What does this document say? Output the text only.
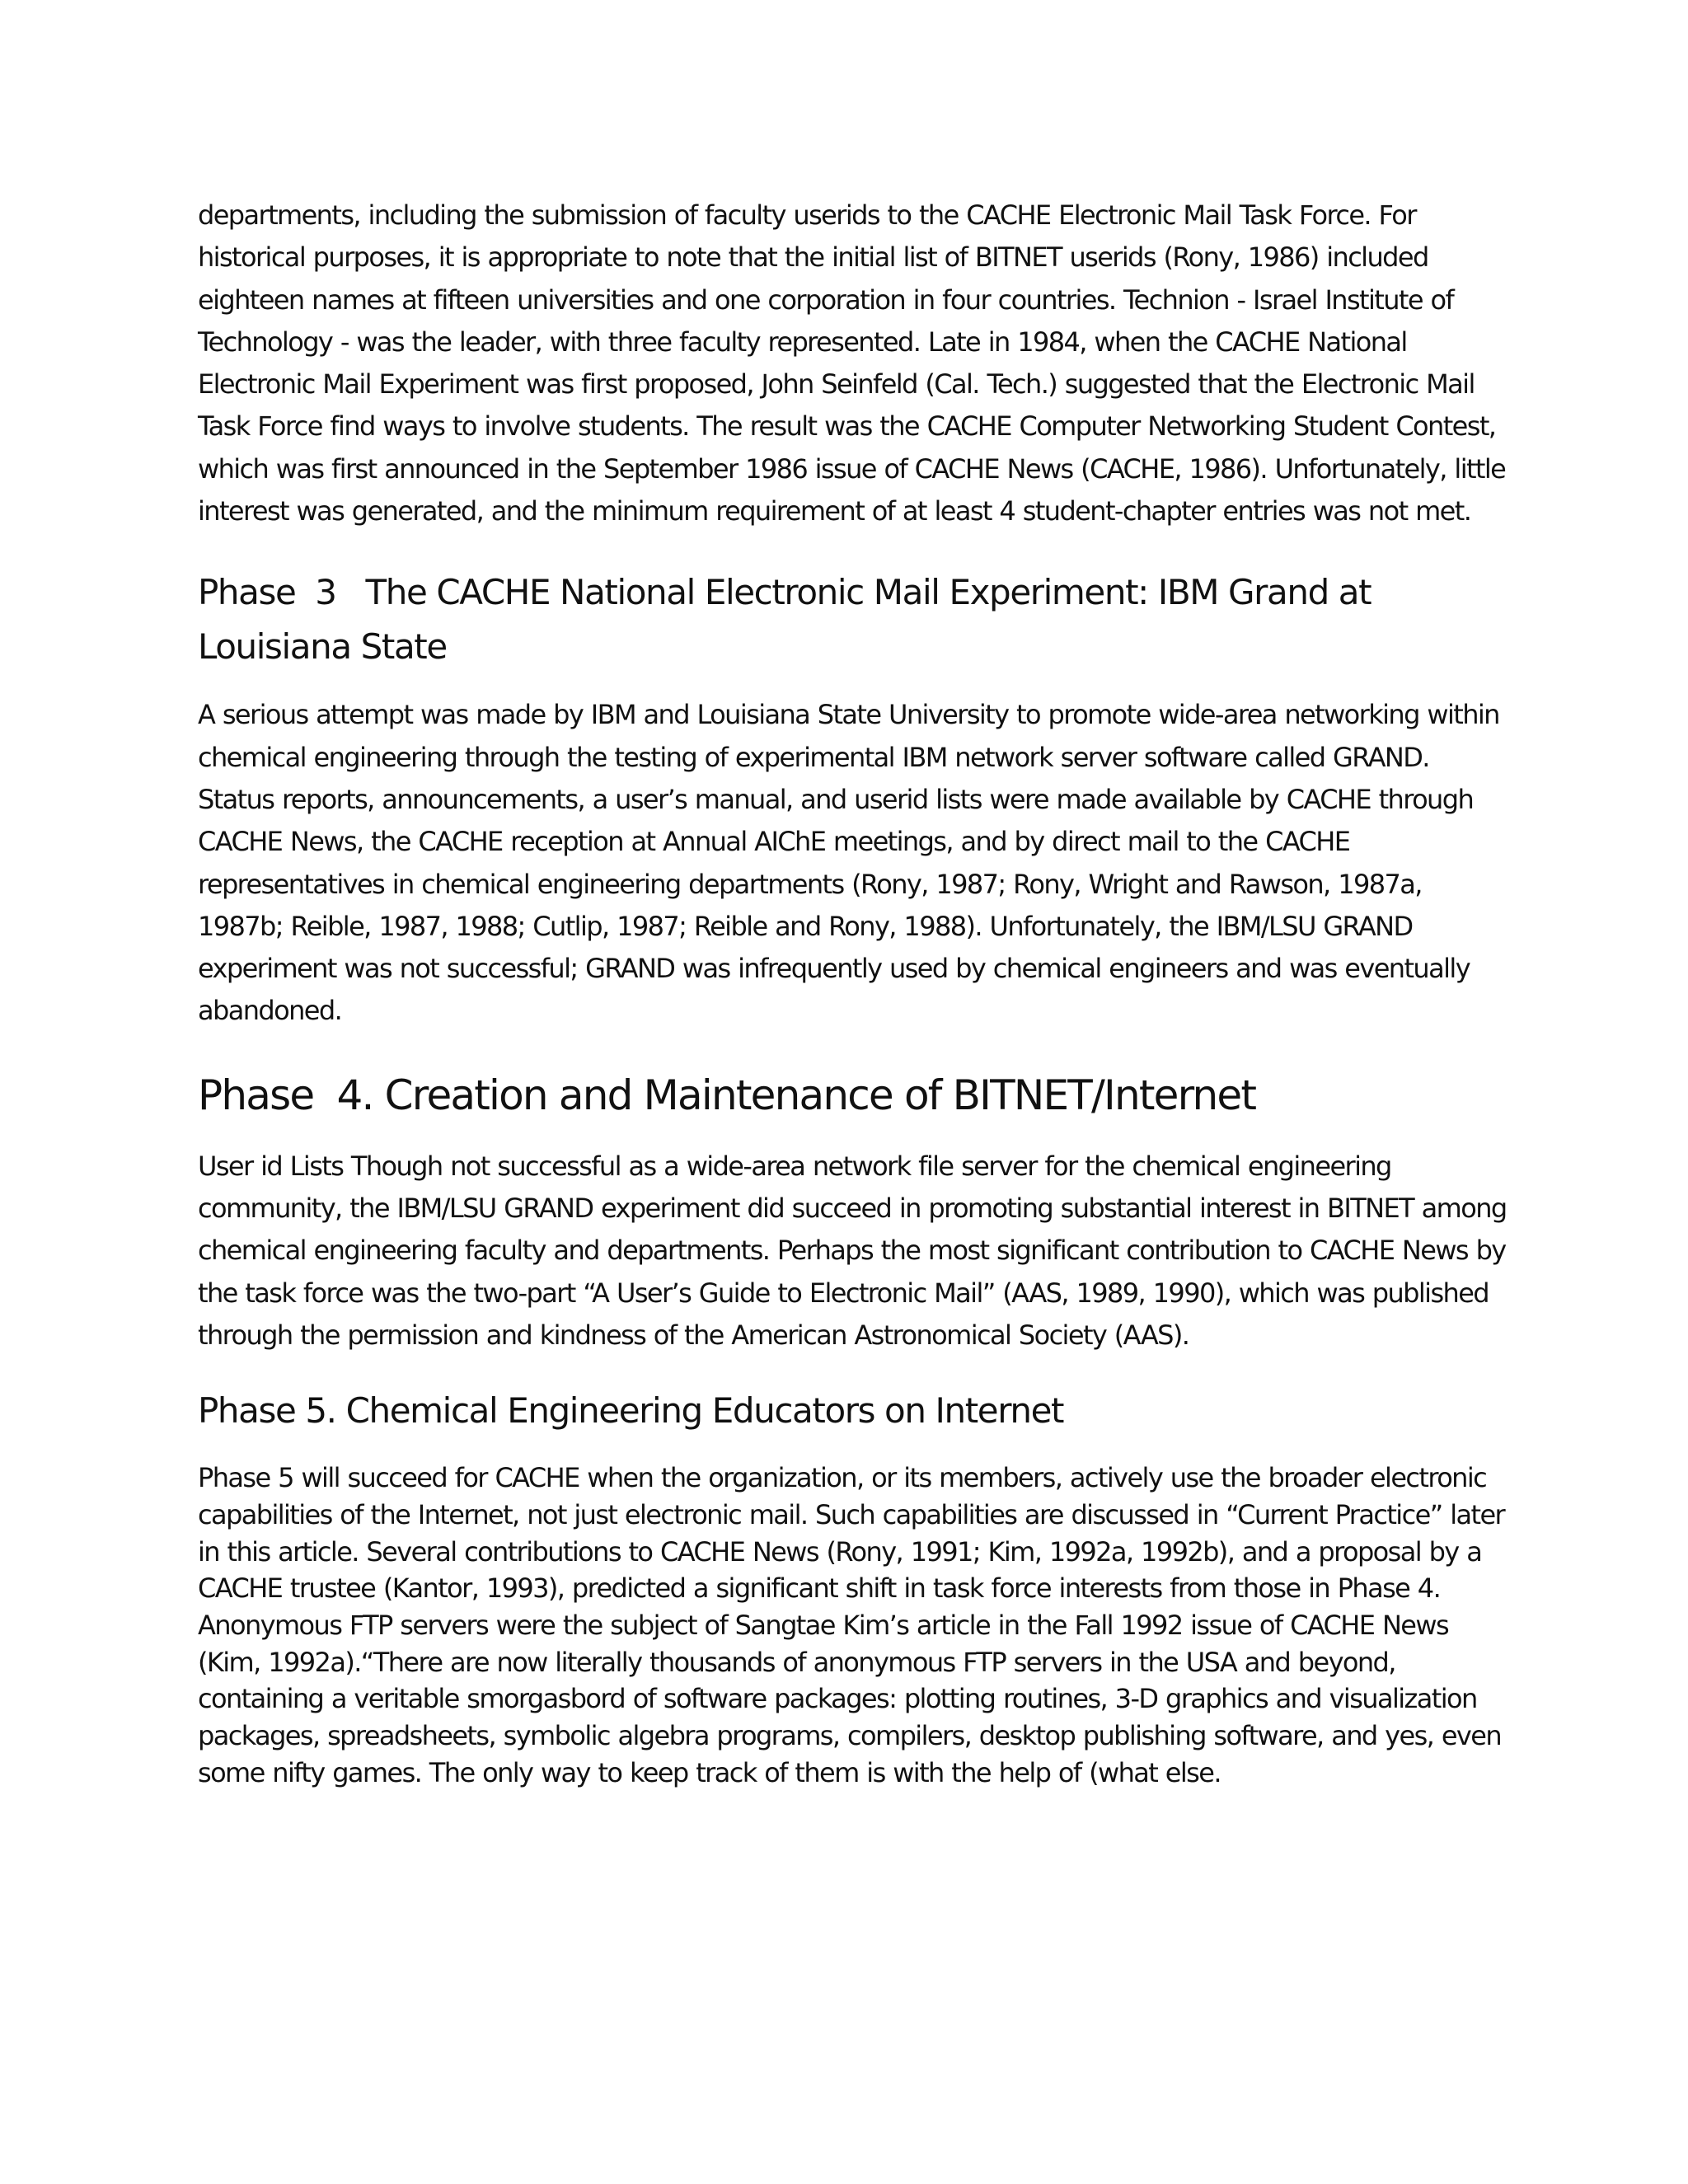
departments, including the submission of faculty userids to the CACHE Electronic Mail Task Force. For historical purposes, it is appropriate to note that the initial list of BITNET userids (Rony, 1986) included eighteen names at fifteen universities and one corporation in four countries. Technion - Israel Institute of Technology - was the leader, with three faculty represented. Late in 1984, when the CACHE National Electronic Mail Experiment was first proposed, John Seinfeld (Cal. Tech.) suggested that the Electronic Mail Task Force find ways to involve students. The result was the CACHE Computer Networking Student Contest, which was first announced in the September 1986 issue of CACHE News (CACHE, 1986). Unfortunately, little interest was generated, and the minimum requirement of at least 4 student-chapter entries was not met.

Phase  3   The CACHE National Electronic Mail Experiment: IBM Grand at Louisiana State

A serious attempt was made by IBM and Louisiana State University to promote wide-area networking within chemical engineering through the testing of experimental IBM network server software called GRAND. Status reports, announcements, a user’s manual, and userid lists were made available by CACHE through CACHE News, the CACHE reception at Annual AIChE meetings, and by direct mail to the CACHE representatives in chemical engineering departments (Rony, 1987; Rony, Wright and Rawson, 1987a, 1987b; Reible, 1987, 1988; Cutlip, 1987; Reible and Rony, 1988). Unfortunately, the IBM/LSU GRAND experiment was not successful; GRAND was infrequently used by chemical engineers and was eventually abandoned.

Phase  4. Creation and Maintenance of BITNET/Internet

User id Lists Though not successful as a wide-area network file server for the chemical engineering community, the IBM/LSU GRAND experiment did succeed in promoting substantial interest in BITNET among chemical engineering faculty and departments. Perhaps the most significant contribution to CACHE News by the task force was the two-part “A User’s Guide to Electronic Mail” (AAS, 1989, 1990), which was published through the permission and kindness of the American Astronomical Society (AAS).

Phase 5. Chemical Engineering Educators on Internet

Phase 5 will succeed for CACHE when the organization, or its members, actively use the broader electronic capabilities of the Internet, not just electronic mail. Such capabilities are discussed in “Current Practice” later in this article. Several contributions to CACHE News (Rony, 1991; Kim, 1992a, 1992b), and a proposal by a CACHE trustee (Kantor, 1993), predicted a significant shift in task force interests from those in Phase 4. Anonymous FTP servers were the subject of Sangtae Kim’s article in the Fall 1992 issue of CACHE News (Kim, 1992a).“There are now literally thousands of anonymous FTP servers in the USA and beyond, containing a veritable smorgasbord of software packages: plotting routines, 3-D graphics and visualization packages, spreadsheets, symbolic algebra programs, compilers, desktop publishing software, and yes, even some nifty games. The only way to keep track of them is with the help of (what else.
